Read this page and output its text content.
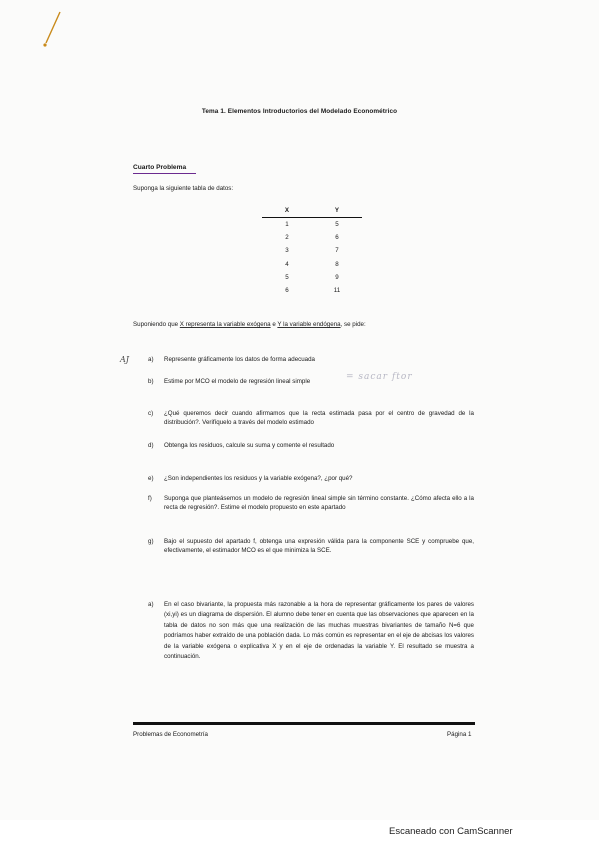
Tema 1. Elementos Introductorios del Modelado Econométrico
Cuarto Problema
Suponga la siguiente tabla de datos:
X	Y
1	5
2	6
3	7
4	8
5	9
6	11
Suponiendo que X representa la variable exógena e Y la variable endógena, se pide:
AJ	a) Represente gráficamente los datos de forma adecuada
b) Estime por MCO el modelo de regresión lineal simple	= sacar ftor
c) ¿Qué queremos decir cuando afirmamos que la recta estimada pasa por el centro de gravedad de la distribución?. Verifíquelo a través del modelo estimado
d) Obtenga los residuos, calcule su suma y comente el resultado
e) ¿Son independientes los residuos y la variable exógena?, ¿por qué?
f) Suponga que planteásemos un modelo de regresión lineal simple sin término constante. ¿Cómo afecta ello a la recta de regresión?. Estime el modelo propuesto en este apartado
g) Bajo el supuesto del apartado f, obtenga una expresión válida para la componente SCE y compruebe que, efectivamente, el estimador MCO es el que minimiza la SCE.
a) En el caso bivariante, la propuesta más razonable a la hora de representar gráficamente los pares de valores (xi,yi) es un diagrama de dispersión. El alumno debe tener en cuenta que las observaciones que aparecen en la tabla de datos no son más que una realización de las muchas muestras bivariantes de tamaño N=6 que podríamos haber extraído de una población dada. Lo más común es representar en el eje de abcisas los valores de la variable exógena o explicativa X y en el eje de ordenadas la variable Y. El resultado se muestra a continuación.
Problemas de Econometría	Página 1
Escaneado con CamScanner
